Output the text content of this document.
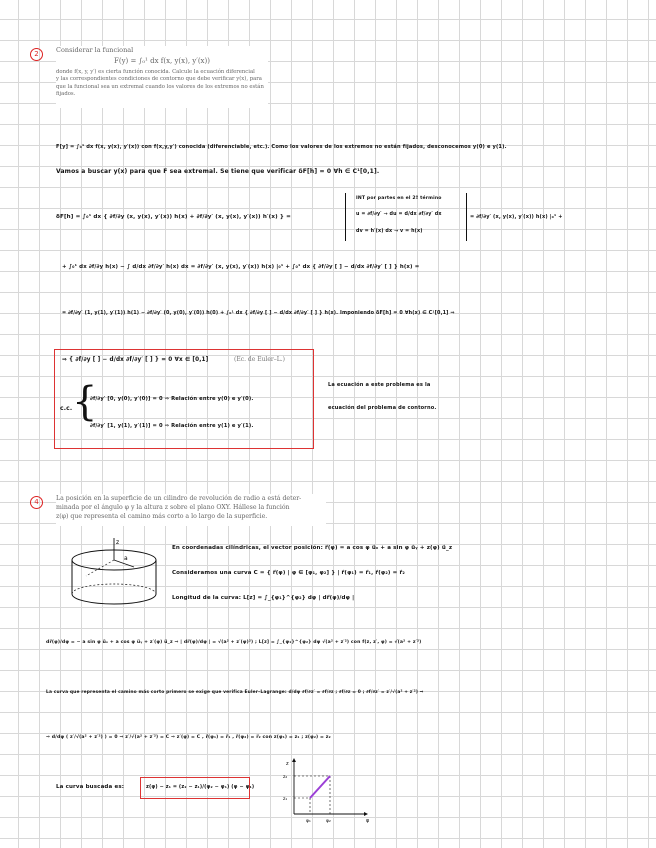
2	Considerar la funcional
F(y) = ∫₀¹ dx f(x, y(x), y′(x))
donde f(x, y, y′) es cierta función conocida. Calcule la ecuación diferencial
y las correspondientes condiciones de contorno que debe verificar y(x), para
que la funcional sea un extremal cuando los valores de los extremos no están
fijados.
F[y] = ∫₀¹ dx f(x, y(x), y′(x)) con f(x,y,y′) conocida (diferenciable, etc.). Como los valores de los extremos no están fijados, desconocemos y(0) e y(1).
Vamos a buscar y(x) para que F sea extremal. Se tiene que verificar δF[h] = 0 ∀h ∈ C¹[0,1].
δF[h] = ∫₀¹ dx { ∂f/∂y (x, y(x), y′(x)) h(x) + ∂f/∂y′ (x, y(x), y′(x)) h′(x) } =
INT por partes en el 2º término
u = ∂f/∂y′ → du = d/dx ∂f/∂y′ dx
dv = h′(x) dx → v = h(x)
= ∂f/∂y′ (x, y(x), y′(x)) h(x) |₀¹ +
+ ∫₀¹ dx ∂f/∂y h(x) − ∫ d/dx ∂f/∂y′ h(x) dx = ∂f/∂y′ (x, y(x), y′(x)) h(x) |₀¹ + ∫₀¹ dx { ∂f/∂y [ ] − d/dx ∂f/∂y′ [ ] } h(x) =
= ∂f/∂y′ (1, y(1), y′(1)) h(1) − ∂f/∂y′ (0, y(0), y′(0)) h(0) + ∫₀¹ dx { ∂f/∂y [ ] − d/dx ∂f/∂y′ [ ] } h(x). Imponiendo δF[h] = 0 ∀h(x) ∈ C¹[0,1] ⇒
⇒ { ∂f/∂y [ ] − d/dx ∂f/∂y′ [ ] } = 0 ∀x ∈ [0,1]	(Ec. de Euler–L.)
c.c. {
∂f/∂y′ [0, y(0), y′(0)] = 0 ⇒ Relación entre y(0) e y′(0).
∂f/∂y′ [1, y(1), y′(1)] = 0 ⇒ Relación entre y(1) e y′(1).
La ecuación a este problema es la
ecuación del problema de contorno.
4	La posición en la superficie de un cilindro de revolución de radio a está deter-
minada por el ángulo φ y la altura z sobre el plano OXY. Hállese la función
z(φ) que representa el camino más corto a lo largo de la superficie.
a
z
En coordenadas cilíndricas, el vector posición: r⃗(φ) = a cos φ u⃗ₓ + a sin φ u⃗ᵧ + z(φ) u⃗_z
Consideramos una curva C = { r⃗(φ) | φ ∈ [φ₁, φ₂] } | r⃗(φ₁) = r⃗₁, r⃗(φ₂) = r⃗₂
Longitud de la curva: L[z] = ∫_{φ₁}^{φ₂} dφ | dr⃗(φ)/dφ |
dr⃗(φ)/dφ = − a sin φ u⃗ₓ + a cos φ u⃗ᵧ + z′(φ) u⃗_z ⇒ | dr⃗(φ)/dφ | = √(a² + z′(φ)²) ; L[z] = ∫_{φ₁}^{φ₂} dφ √(a² + z′²) con f(z, z′, φ) = √(a² + z′²)
La curva que representa el camino más corto primero se exige que verifica Euler–Lagrange: d/dφ ∂f/∂z′ = ∂f/∂z ; ∂f/∂z = 0 ; ∂f/∂z′ = z′/√(a² + z′²) ⇒
⇒ d/dφ ( z′/√(a² + z′²) ) = 0 ⇒ z′/√(a² + z′²) = C ⇒ z′(φ) = C , r⃗(φ₁) = r⃗₁ , r⃗(φ₂) = r⃗₂ con z(φ₁) = z₁ ; z(φ₂) = z₂
La curva buscada es:	z(φ) − z₁ = (z₂ − z₁)/(φ₂ − φ₁) (φ − φ₁)
z
φ
z₂
z₁
φ₁	φ₂
